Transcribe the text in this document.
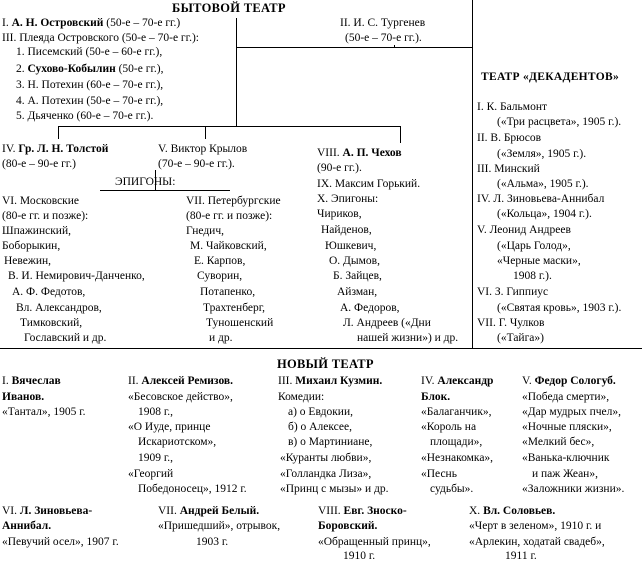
БЫТОВОЙ ТЕАТР
I. А. Н. Островский (50-е – 70-е гг.)
III. Плеяда Островского (50-е – 70-е гг.):
1. Писемский (50-е – 60-е гг.),
2. Сухово-Кобылин (50-е гг.),
3. Н. Потехин (60-е – 70-е гг.),
4. А. Потехин (50-е – 70-е гг.),
5. Дьяченко (60-е – 70-е гг.).
II. И. С. Тургенев
(50-е – 70-е гг.).
IV. Гр. Л. Н. Толстой
(80-е – 90-е гг.)
V. Виктор Крылов
(70-е – 90-е гг.).
ЭПИГОНЫ:
VI. Московские
(80-е гг. и позже):
Шпажинский,
Боборыкин,
Невежин,
В. И. Немирович-Данченко,
А. Ф. Федотов,
Вл. Александров,
Тимковский,
Гославский и др.
VII. Петербургские
(80-е гг. и позже):
Гнедич,
М. Чайковский,
Е. Карпов,
Суворин,
Потапенко,
Трахтенберг,
Туношенский
и др.
VIII. А. П. Чехов
(90-е гг.).
IX. Максим Горький.
X. Эпигоны:
Чириков,
Найденов,
Юшкевич,
О. Дымов,
Б. Зайцев,
Айзман,
А. Федоров,
Л. Андреев («Дни
нашей жизни») и др.
ТЕАТР «ДЕКАДЕНТОВ»
I. К. Бальмонт
(«Три расцвета», 1905 г.).
II. В. Брюсов
(«Земля», 1905 г.).
III. Минский
(«Альма», 1905 г.).
IV. Л. Зиновьева-Аннибал
(«Кольца», 1904 г.).
V. Леонид Андреев
(«Царь Голод»,
«Черные маски»,
1908 г.).
VI. З. Гиппиус
(«Святая кровь», 1903 г.).
VII. Г. Чулков
(«Тайга»)
НОВЫЙ ТЕАТР
I. Вячеслав
Иванов.
«Тантал», 1905 г.
II. Алексей Ремизов.
«Бесовское действо»,
1908 г.,
«О Иуде, принце
Искариотском»,
1909 г.,
«Георгий
Победоносец», 1912 г.
III. Михаил Кузмин.
Комедии:
а) о Евдокии,
б) о Алексее,
в) о Мартиниане,
«Куранты любви»,
«Голландка Лиза»,
«Принц с мызы» и др.
IV. Александр
Блок.
«Балаганчик»,
«Король на
площади»,
«Незнакомка»,
«Песнь
судьбы».
V. Федор Сологуб.
«Победа смерти»,
«Дар мудрых пчел»,
«Ночные пляски»,
«Мелкий бес»,
«Ванька-ключник
и паж Жеан»,
«Заложники жизни».
VI. Л. Зиновьева-
Аннибал.
«Певучий осел», 1907 г.
VII. Андрей Белый.
«Пришедший», отрывок,
1903 г.
VIII. Евг. Зноско-
Боровский.
«Обращенный принц»,
1910 г.
X. Вл. Соловьев.
«Черт в зеленом», 1910 г. и
«Арлекин, ходатай свадеб»,
1911 г.
